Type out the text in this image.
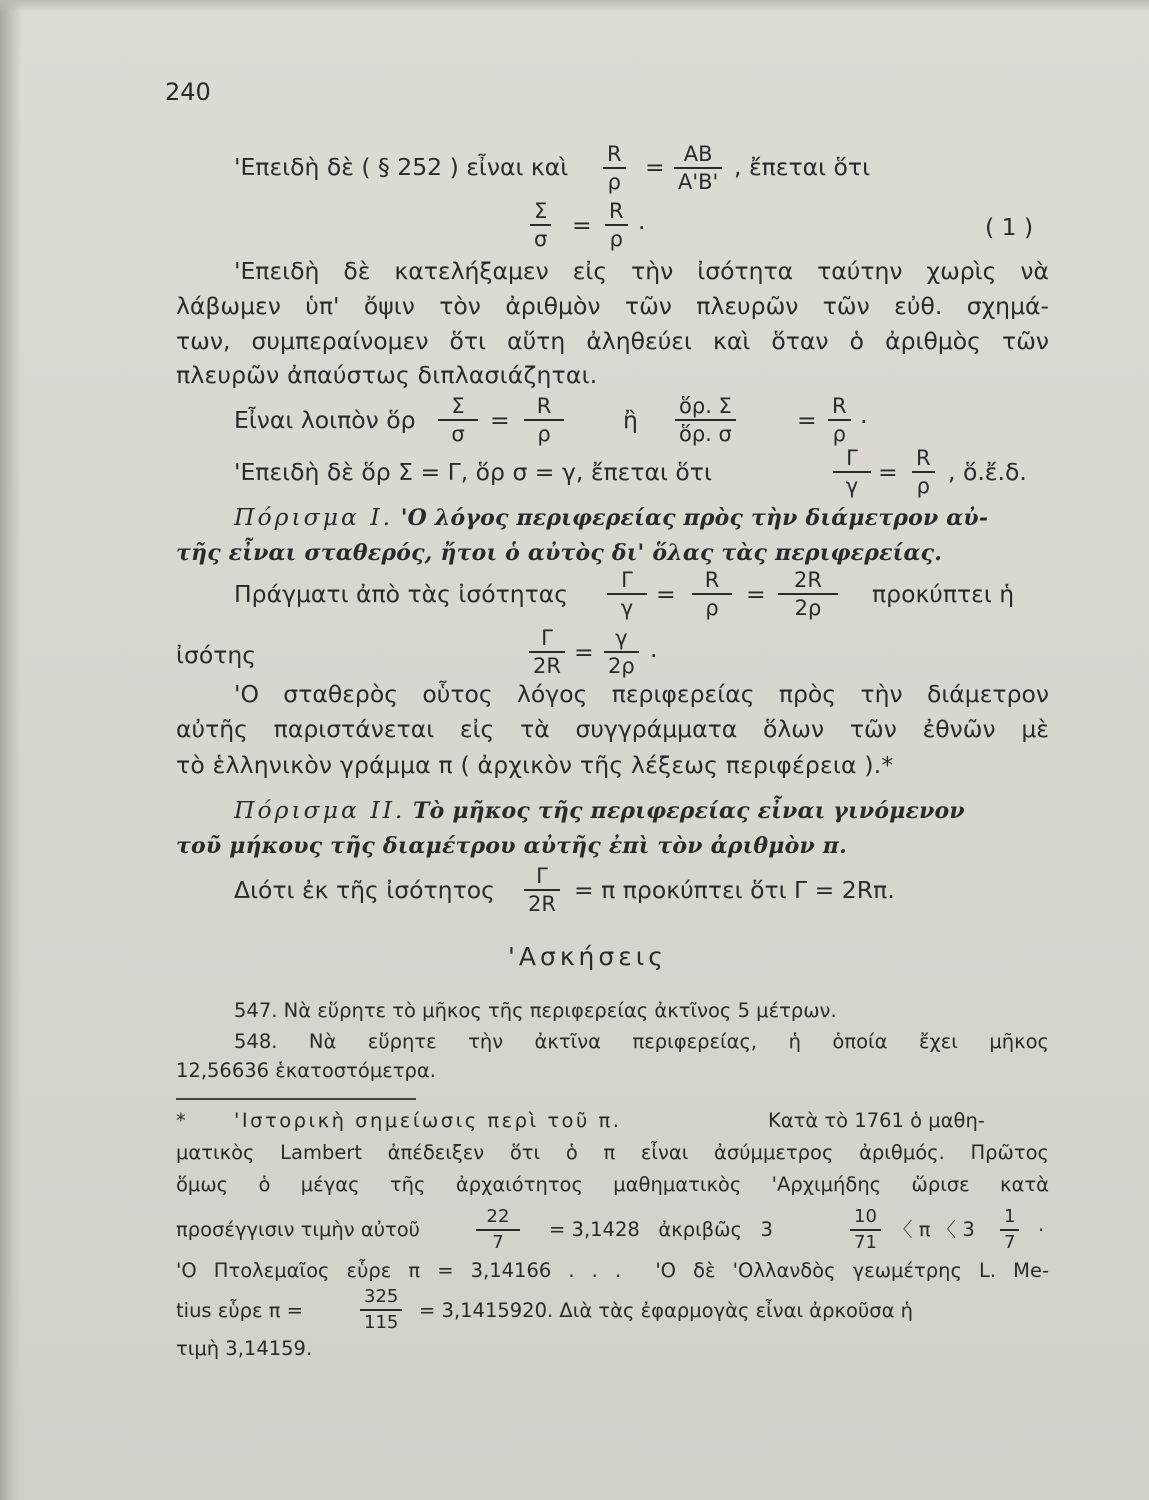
240
'Επειδὴ δὲ ( § 252 ) εἶναι καὶ R
ρ
= AB
A'B'
, ἔπεται ὅτι
Σ
σ = R
ρ
.	( 1 )
'Επειδὴ δὲ κατελήξαμεν εἰς τὴν ἰσότητα ταύτην χωρὶς νὰ
λάβωμεν ὑπ' ὄψιν τὸν ἀριθμὸν τῶν πλευρῶν τῶν εὐθ. σχημά-
των, συμπεραίνομεν ὅτι αὕτη ἀληθεύει καὶ ὅταν ὁ ἀριθμὸς τῶν
πλευρῶν ἀπαύστως διπλασιάζηται.
Εἶναι λοιπὸν ὅρ Σ
σ = R
ρ	ἢ ὅρ. Σ
ὅρ. σ	= R
ρ
.
'Επειδὴ δὲ ὅρ Σ = Γ, ὅρ σ = γ, ἔπεται ὅτι	Γ
γ = R
ρ , ὅ.ἔ.δ.
Πόρισμα Ι. 'Ο λόγος περιφερείας πρὸς τὴν διάμετρον αὐ-
τῆς εἶναι σταθερός, ἤτοι ὁ αὐτὸς δι' ὅλας τὰς περιφερείας.
Πράγματι ἀπὸ τὰς ἰσότητας	Γ
γ = R
ρ = 2R
2ρ προκύπτει ἡ
ἰσότης
Γ
2R = γ
2ρ
.
'Ο σταθερὸς οὗτος λόγος περιφερείας πρὸς τὴν διάμετρον
αὐτῆς παριστάνεται εἰς τὰ συγγράμματα ὅλων τῶν ἐθνῶν μὲ
τὸ ἑλληνικὸν γράμμα π ( ἀρχικὸν τῆς λέξεως περιφέρεια ).*
Πόρισμα ΙΙ. Τὸ μῆκος τῆς περιφερείας εἶναι γινόμενον
τοῦ μήκους τῆς διαμέτρου αὐτῆς ἐπὶ τὸν ἀριθμὸν π.
Διότι ἐκ τῆς ἰσότητος Γ
2R = π προκύπτει ὅτι Γ = 2Rπ.
'Ασκήσεις
547. Νὰ εὕρητε τὸ μῆκος τῆς περιφερείας ἀκτῖνος 5 μέτρων.
548. Νὰ εὕρητε τὴν ἀκτῖνα περιφερείας, ἡ ὁποία ἔχει μῆκος
12,56636 ἑκατοστόμετρα.
* 'Ιστορικὴ σημείωσις περὶ τοῦ π.	Κατὰ τὸ 1761 ὁ μαθη-
ματικὸς Lambert ἀπέδειξεν ὅτι ὁ π εἶναι ἀσύμμετρος ἀριθμός. Πρῶτος
ὅμως ὁ μέγας τῆς ἀρχαιότητος μαθηματικὸς 'Αρχιμήδης ὥρισε κατὰ
προσέγγισιν τιμὴν αὐτοῦ
22
7
= 3,1428   ἀκριβῶς   3
10
71
〈 π 〈 3
1
7
.
'Ο Πτολεμαῖος εὗρε π = 3,14166 . . .  'Ο δὲ 'Ολλανδὸς γεωμέτρης L. Me-
tius εὗρε π =
325
115
= 3,1415920. Διὰ τὰς ἐφαρμογὰς εἶναι ἀρκοῦσα ἡ
τιμὴ 3,14159.
